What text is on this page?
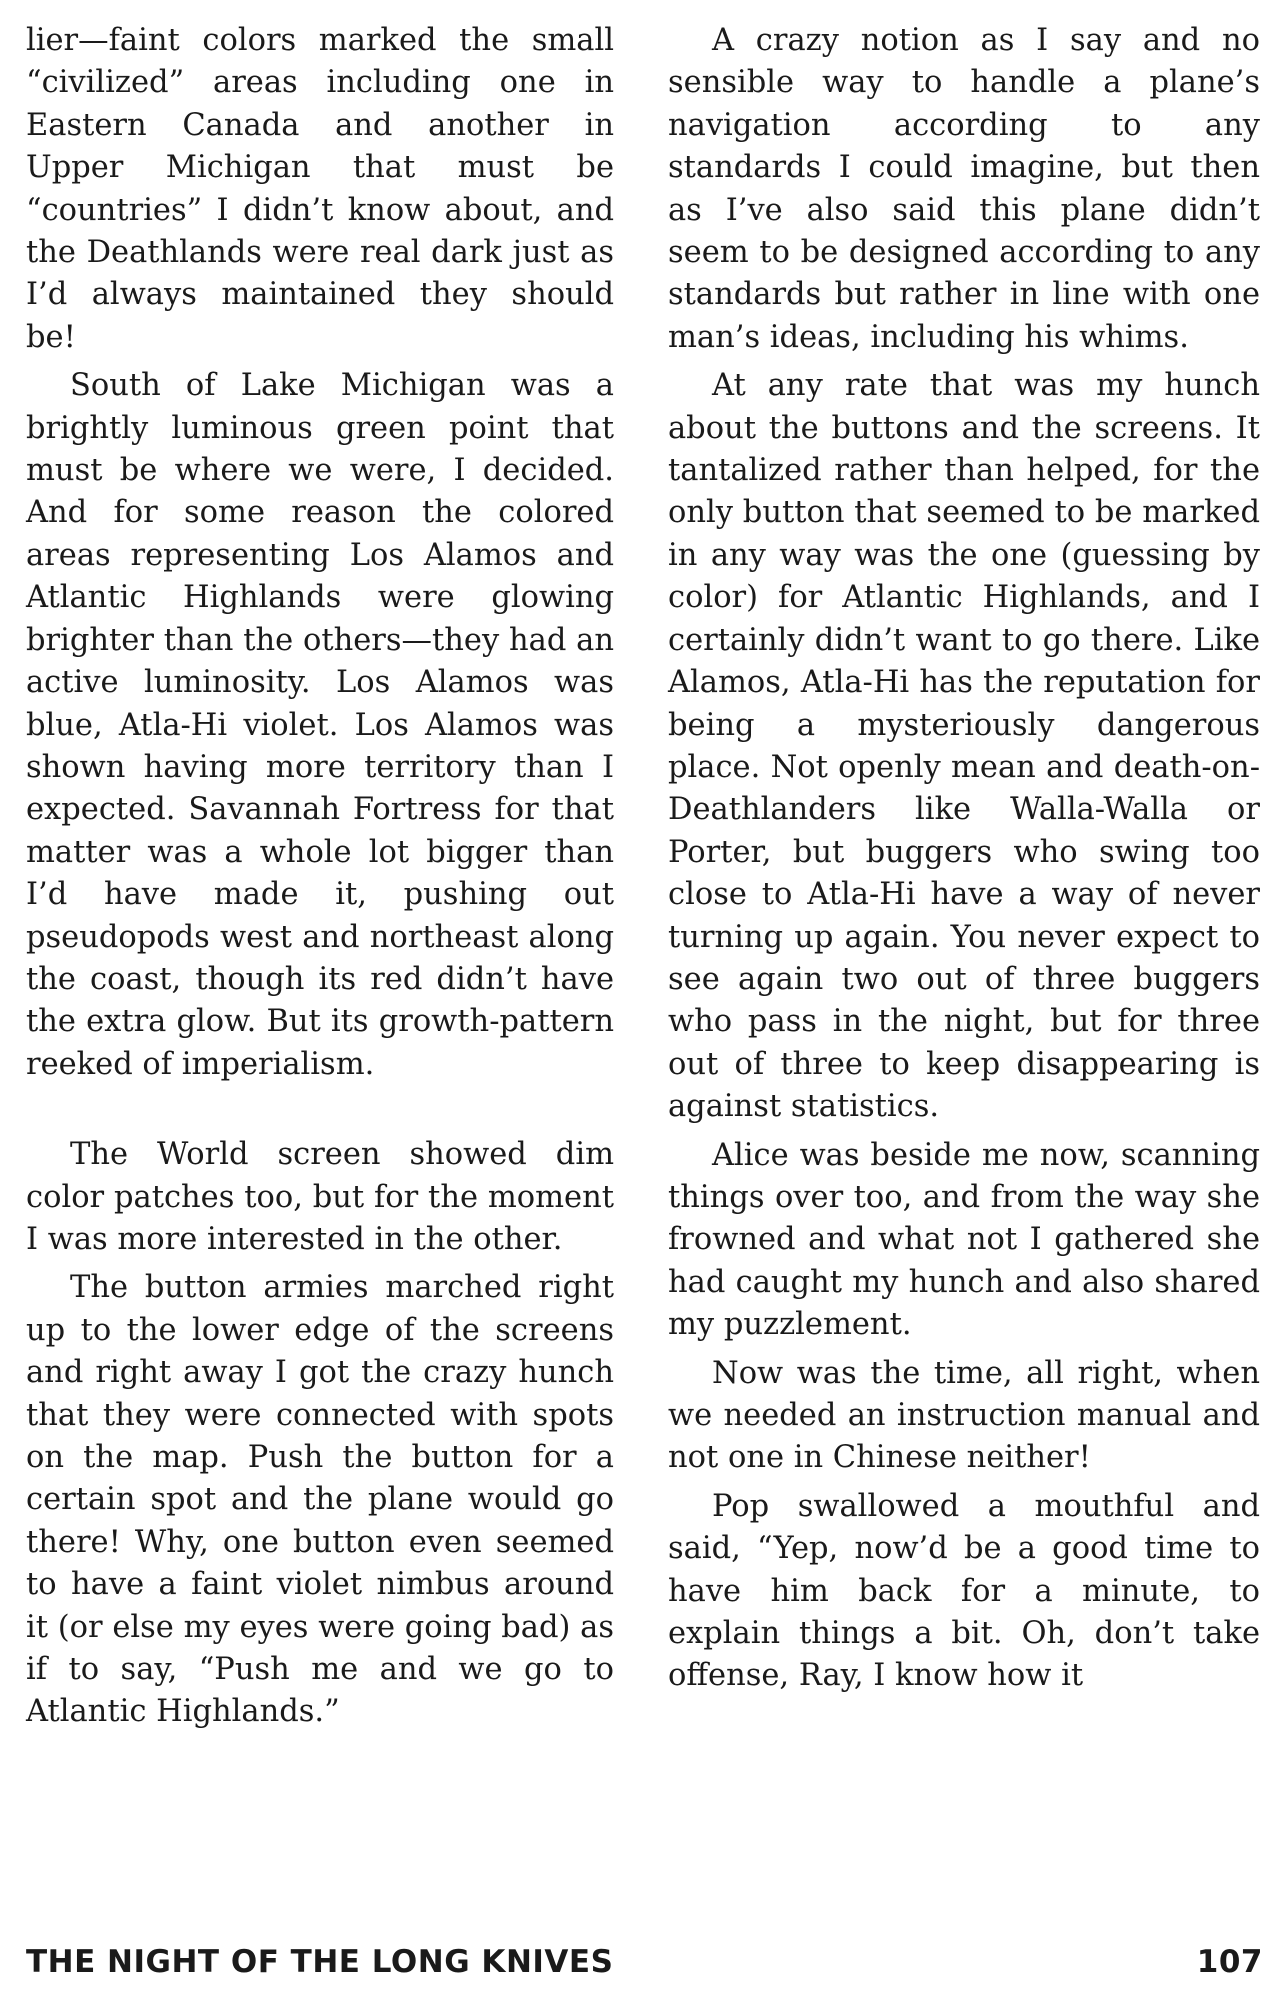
lier—faint colors marked the small “civilized” areas including one in Eastern Canada and another in Upper Michigan that must be “countries” I didn’t know about, and the Deathlands were real dark just as I’d always maintained they should be!

South of Lake Michigan was a brightly luminous green point that must be where we were, I decided. And for some reason the colored areas representing Los Alamos and Atlantic Highlands were glowing brighter than the others—they had an active luminosity. Los Alamos was blue, Atla-Hi violet. Los Alamos was shown having more territory than I expected. Savannah Fortress for that matter was a whole lot bigger than I’d have made it, pushing out pseudopods west and northeast along the coast, though its red didn’t have the extra glow. But its growth-pattern reeked of imperialism.

The World screen showed dim color patches too, but for the moment I was more interested in the other.

The button armies marched right up to the lower edge of the screens and right away I got the crazy hunch that they were connected with spots on the map. Push the button for a certain spot and the plane would go there! Why, one button even seemed to have a faint violet nimbus around it (or else my eyes were going bad) as if to say, “Push me and we go to Atlantic Highlands.”

A crazy notion as I say and no sensible way to handle a plane’s navigation according to any standards I could imagine, but then as I’ve also said this plane didn’t seem to be designed according to any standards but rather in line with one man’s ideas, including his whims.

At any rate that was my hunch about the buttons and the screens. It tantalized rather than helped, for the only button that seemed to be marked in any way was the one (guessing by color) for Atlantic Highlands, and I certainly didn’t want to go there. Like Alamos, Atla-Hi has the reputation for being a mysteriously dangerous place. Not openly mean and death-on-Deathlanders like Walla-Walla or Porter, but buggers who swing too close to Atla-Hi have a way of never turning up again. You never expect to see again two out of three buggers who pass in the night, but for three out of three to keep disappearing is against statistics.

Alice was beside me now, scanning things over too, and from the way she frowned and what not I gathered she had caught my hunch and also shared my puzzlement.

Now was the time, all right, when we needed an instruction manual and not one in Chinese neither!

Pop swallowed a mouthful and said, “Yep, now’d be a good time to have him back for a minute, to explain things a bit. Oh, don’t take offense, Ray, I know how it

THE NIGHT OF THE LONG KNIVES	107
